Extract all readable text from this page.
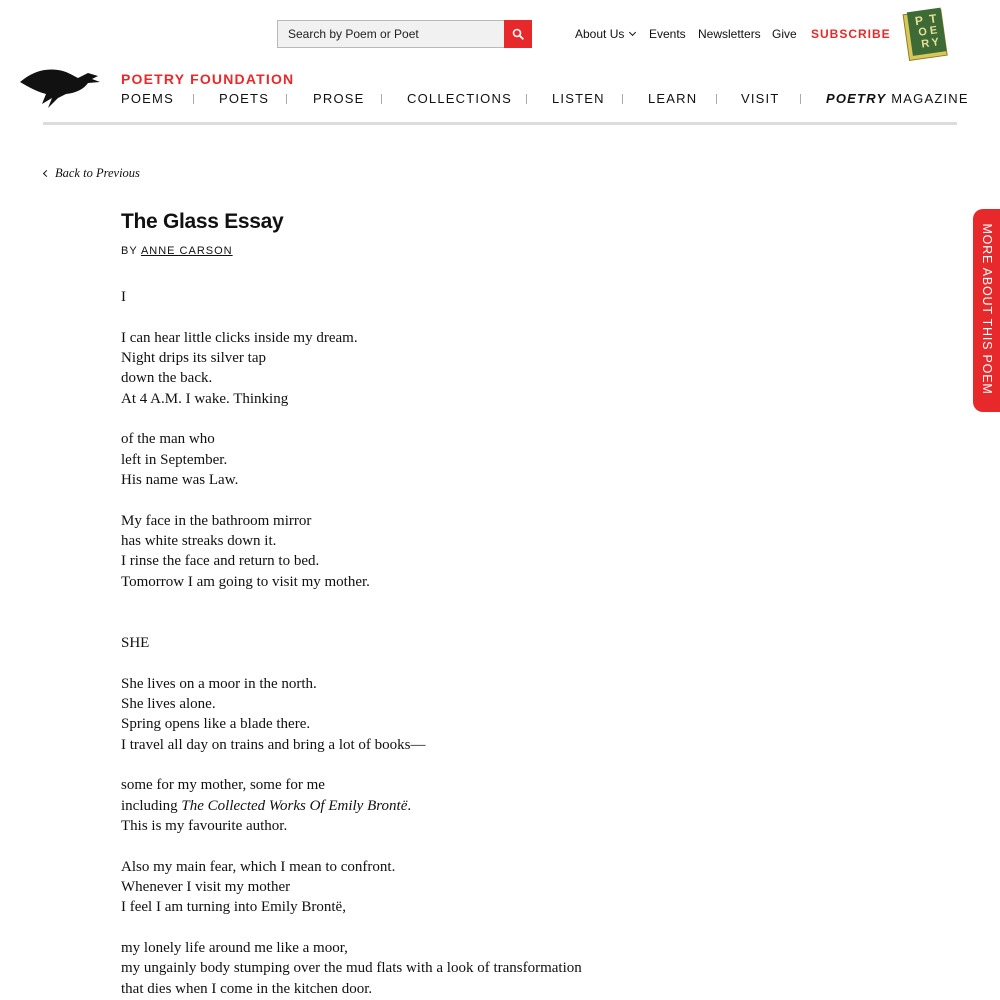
Search by Poem or Poet
About Us	Events Newsletters Give SUBSCRIBE
P
O E
T
R Y
POETRY FOUNDATION
POEMS	POETS	PROSE	COLLECTIONS	LISTEN	LEARN	VISIT	POETRY MAGAZINE
Back to Previous
The Glass Essay
BY ANNE CARSON
I
I can hear little clicks inside my dream.
Night drips its silver tap
down the back.
At 4 A.M. I wake. Thinking
of the man who
left in September.
His name was Law.
My face in the bathroom mirror
has white streaks down it.
I rinse the face and return to bed.
Tomorrow I am going to visit my mother.
SHE
She lives on a moor in the north.
She lives alone.
Spring opens like a blade there.
I travel all day on trains and bring a lot of books—
some for my mother, some for me
including The Collected Works Of Emily Brontë.
This is my favourite author.
Also my main fear, which I mean to confront.
Whenever I visit my mother
I feel I am turning into Emily Brontë,
my lonely life around me like a moor,
my ungainly body stumping over the mud flats with a look of transformation
that dies when I come in the kitchen door.
MORE ABOUT THIS POEM
